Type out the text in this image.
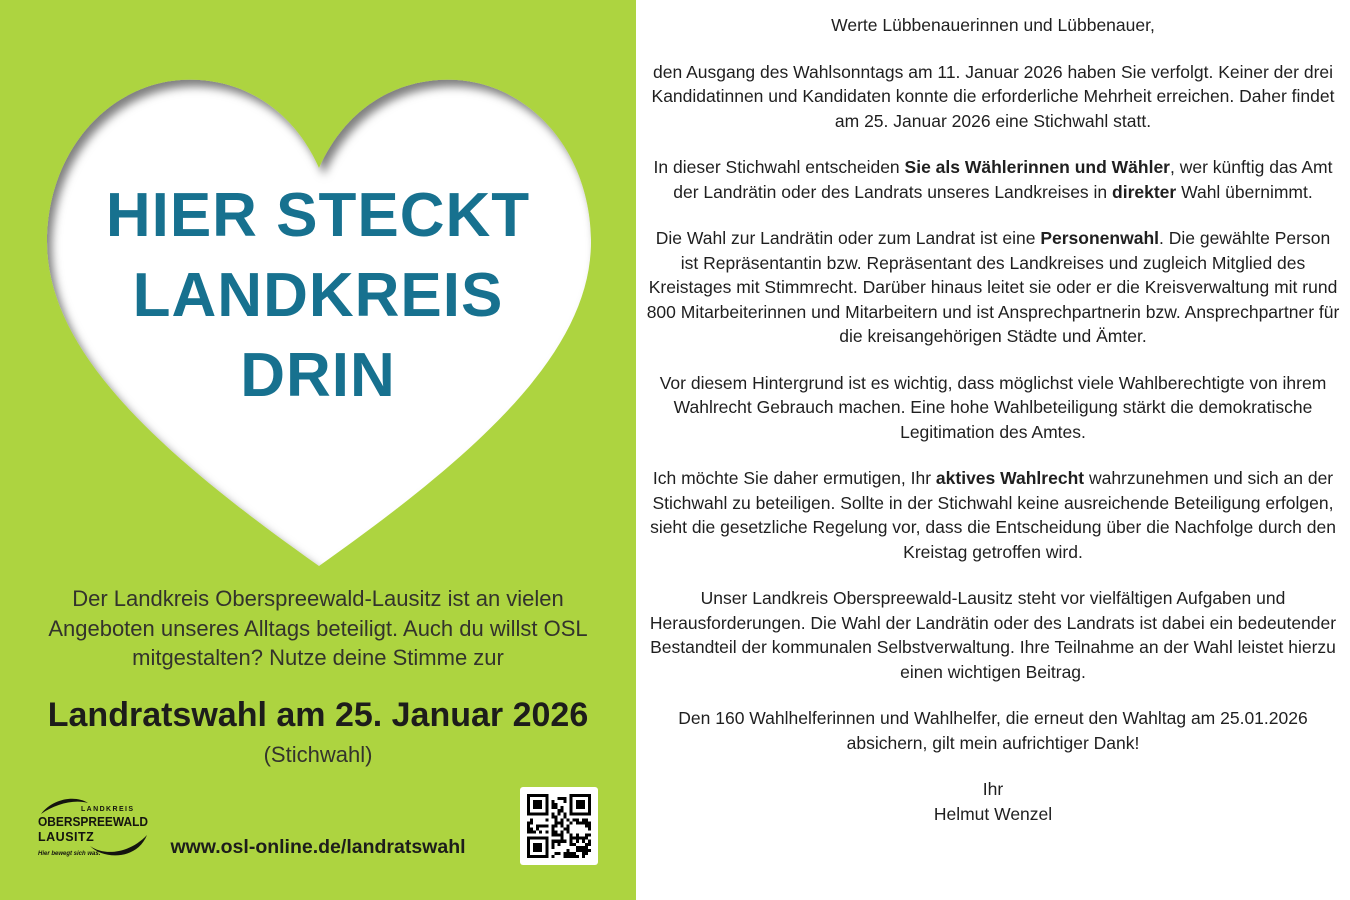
HIER STECKT
LANDKREIS
DRIN
Der Landkreis Oberspreewald-Lausitz ist an vielen Angeboten unseres Alltags beteiligt. Auch du willst OSL mitgestalten? Nutze deine Stimme zur
Landratswahl am 25. Januar 2026
(Stichwahl)
LANDKREIS
OBERSPREEWALD
LAUSITZ
Hier bewegt sich was.	www.osl-online.de/landratswahl

Werte Lübbenauerinnen und Lübbenauer,

den Ausgang des Wahlsonntags am 11. Januar 2026 haben Sie verfolgt. Keiner der drei Kandidatinnen und Kandidaten konnte die erforderliche Mehrheit erreichen. Daher findet am 25. Januar 2026 eine Stichwahl statt.

In dieser Stichwahl entscheiden Sie als Wählerinnen und Wähler, wer künftig das Amt der Landrätin oder des Landrats unseres Landkreises in direkter Wahl übernimmt.

Die Wahl zur Landrätin oder zum Landrat ist eine Personenwahl. Die gewählte Person ist Repräsentantin bzw. Repräsentant des Landkreises und zugleich Mitglied des Kreistages mit Stimmrecht. Darüber hinaus leitet sie oder er die Kreisverwaltung mit rund 800 Mitarbeiterinnen und Mitarbeitern und ist Ansprechpartnerin bzw. Ansprechpartner für die kreisangehörigen Städte und Ämter.

Vor diesem Hintergrund ist es wichtig, dass möglichst viele Wahlberechtigte von ihrem Wahlrecht Gebrauch machen. Eine hohe Wahlbeteiligung stärkt die demokratische Legitimation des Amtes.

Ich möchte Sie daher ermutigen, Ihr aktives Wahlrecht wahrzunehmen und sich an der Stichwahl zu beteiligen. Sollte in der Stichwahl keine ausreichende Beteiligung erfolgen, sieht die gesetzliche Regelung vor, dass die Entscheidung über die Nachfolge durch den Kreistag getroffen wird.

Unser Landkreis Oberspreewald-Lausitz steht vor vielfältigen Aufgaben und Herausforderungen. Die Wahl der Landrätin oder des Landrats ist dabei ein bedeutender Bestandteil der kommunalen Selbstverwaltung. Ihre Teilnahme an der Wahl leistet hierzu einen wichtigen Beitrag.

Den 160 Wahlhelferinnen und Wahlhelfer, die erneut den Wahltag am 25.01.2026 absichern, gilt mein aufrichtiger Dank!

Ihr
Helmut Wenzel
